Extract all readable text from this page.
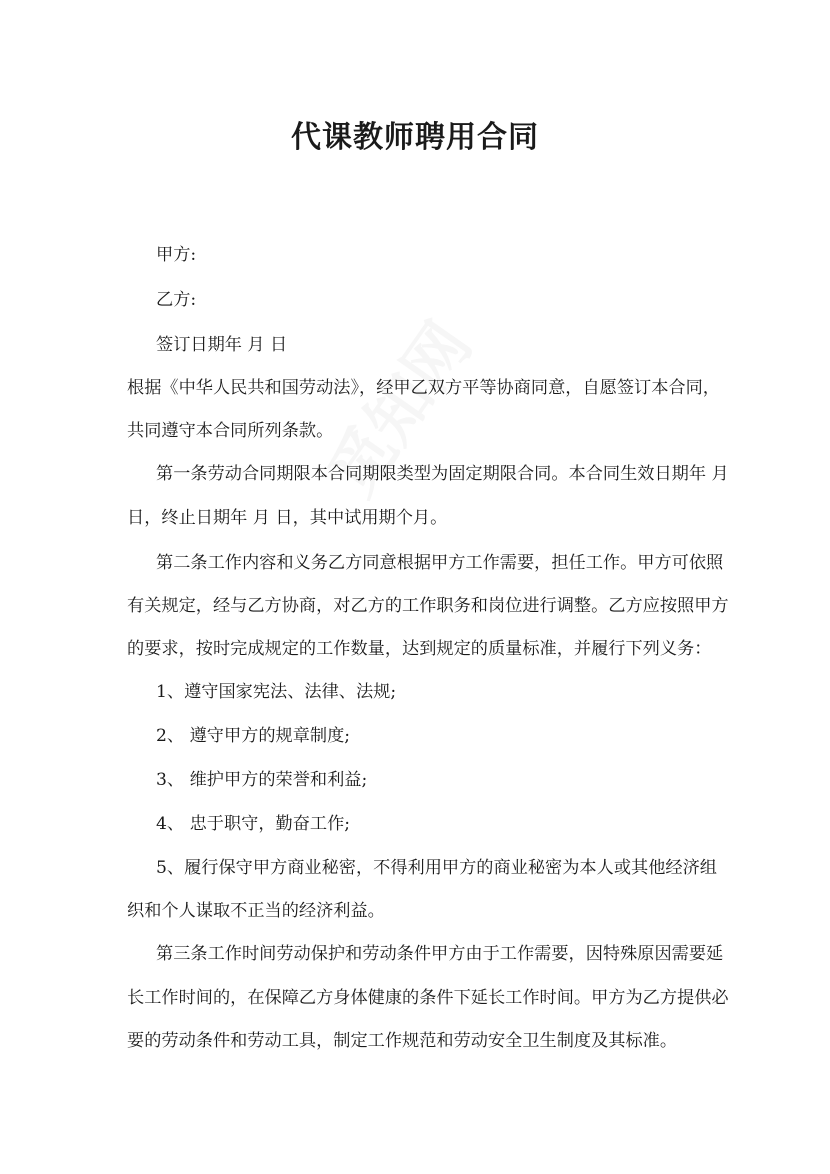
代课教师聘用合同

甲方:

乙方:

签订日期年 月 日

根据《中华人民共和国劳动法》，经甲乙双方平等协商同意，自愿签订本合同，

共同遵守本合同所列条款。

第一条劳动合同期限本合同期限类型为固定期限合同。本合同生效日期年 月

日，终止日期年 月 日，其中试用期个月。

第二条工作内容和义务乙方同意根据甲方工作需要，担任工作。甲方可依照

有关规定，经与乙方协商，对乙方的工作职务和岗位进行调整。乙方应按照甲方

的要求，按时完成规定的工作数量，达到规定的质量标准，并履行下列义务：

1、遵守国家宪法、法律、法规;

2、 遵守甲方的规章制度;

3、 维护甲方的荣誉和利益;

4、 忠于职守，勤奋工作;

5、履行保守甲方商业秘密，不得利用甲方的商业秘密为本人或其他经济组

织和个人谋取不正当的经济利益。

第三条工作时间劳动保护和劳动条件甲方由于工作需要，因特殊原因需要延

长工作时间的，在保障乙方身体健康的条件下延长工作时间。甲方为乙方提供必

要的劳动条件和劳动工具，制定工作规范和劳动安全卫生制度及其标准。
